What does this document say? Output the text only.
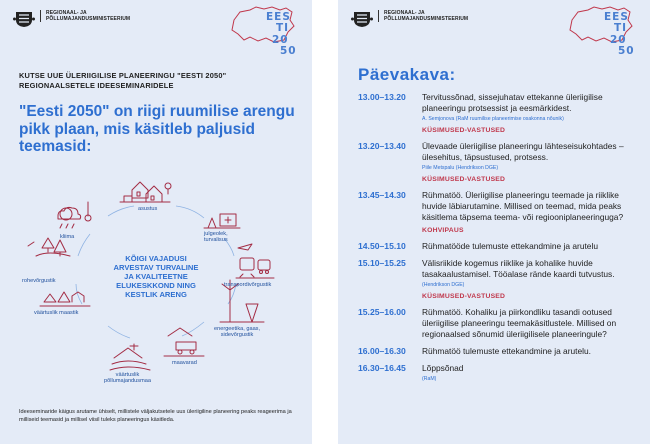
REGIONAAL- JA
PÕLLUMAJANDUSMINISTEERIUM	EES
TI
20
50
KUTSE UUE ÜLERIIGILISE PLANEERINGU "EESTI 2050"
REGIONAALSETELE IDEESEMINARIDELE
"Eesti 2050" on riigi ruumilise arengu pikk plaan, mis käsitleb paljusid teemasid:
asustus
kliima	julgeolek,
turvalisus
rohevõrgustik
transpordivõrgustik
väärtuslik maastik
energeetika, gaas,
sidevõrgustik
väärtuslik
põllumajandusmaa
maavarad
KÕIGI VAJADUSI
ARVESTAV TURVALINE
JA KVALITEETNE
ELUKESKKOND NING
KESTLIK ARENG
Ideeseminaride käigus arutame ühiselt, millistele väljakutsetele uus üleriigiline planeering peaks reageerima ja milliseid teemasid ja millisel viisil tuleks planeeringus käsitleda.
REGIONAAL- JA
PÕLLUMAJANDUSMINISTEERIUM	EES
TI
20
50
Päevakava:
13.00–13.20	Tervitussõnad, sissejuhatav ettekanne üleriigilise planeeringu protsessist ja eesmärkidest.
A. Semjonova (RaM ruumilise planeerimise osakonna nõunik)
KÜSIMUSED-VASTUSED
13.20–13.40	Ülevaade üleriigilise planeeringu lähteseisukohtades – ülesehitus, täpsustused, protsess.
Piile Metspalu (Hendrikson DGE)
KÜSIMUSED-VASTUSED
13.45–14.30	Rühmatöö. Üleriigilise planeeringu teemade ja riiklike huvide läbiarutamine. Millised on teemad, mida peaks käsitlema täpsema teema- või regiooniplaneeringuga?
KOHVIPAUS
14.50–15.10	Rühmatööde tulemuste ettekandmine ja arutelu
15.10–15.25	Välisriikide kogemus riiklike ja kohalike huvide tasakaalustamisel. Tööalase rände kaardi tutvustus.
(Hendrikson DGE)
KÜSIMUSED-VASTUSED
15.25–16.00	Rühmatöö. Kohaliku ja piirkondliku tasandi ootused üleriigilise planeeringu teemakäsitlustele. Millised on regionaalsed sõnumid üleriigilisele planeeringule?
16.00–16.30	Rühmatöö tulemuste ettekandmine ja arutelu.
16.30–16.45	Lõppsõnad
(RaM)
